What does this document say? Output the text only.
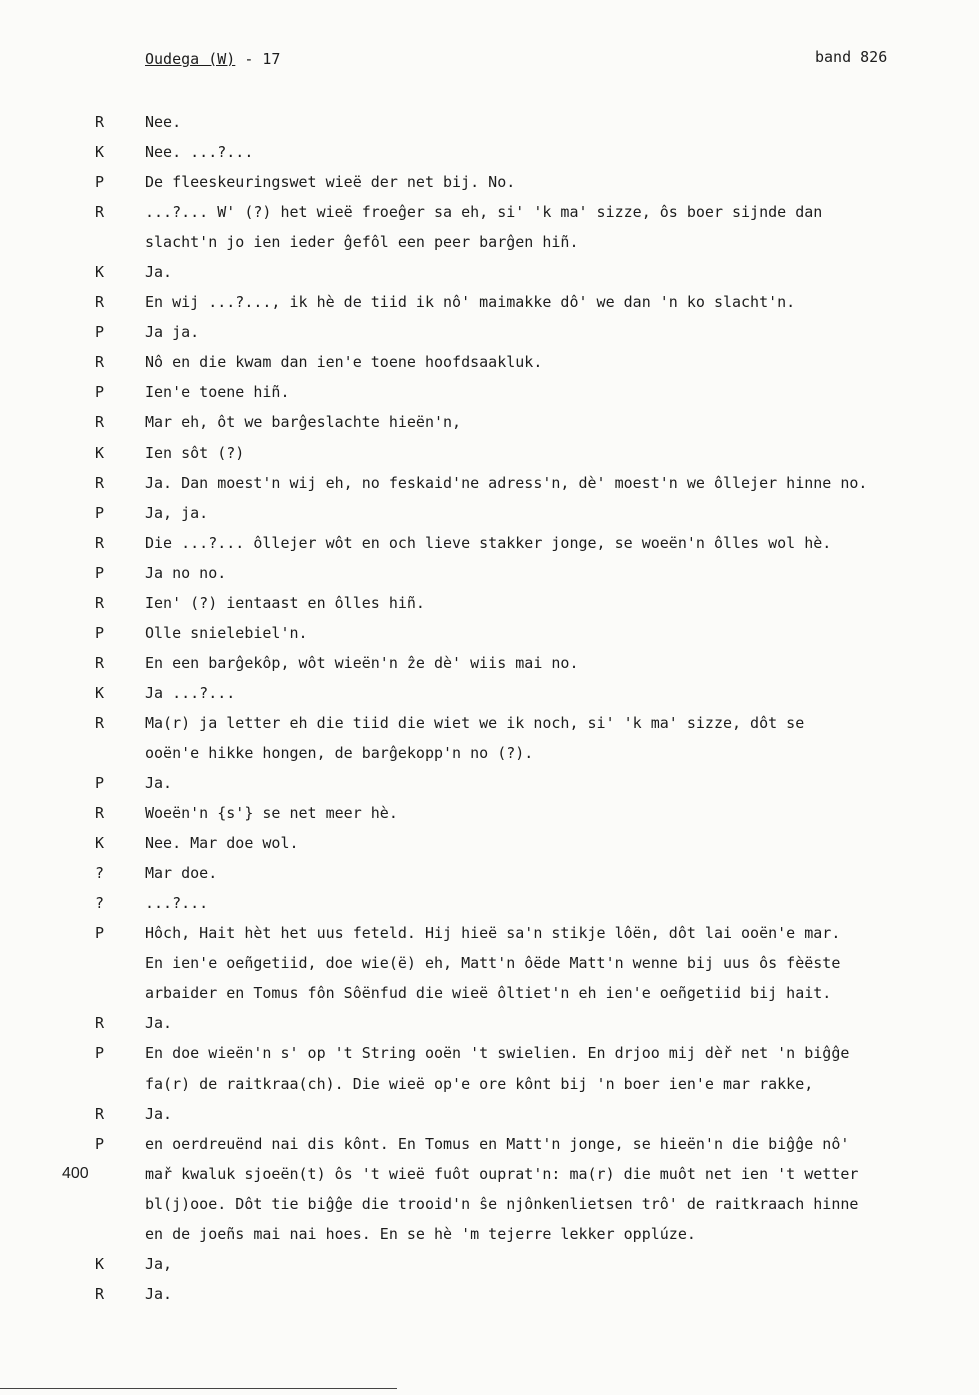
Oudega (W) - 17	band 826
R	Nee.
K	Nee. ...?...
P	De fleeskeuringswet wieë der net bij. No.
R	...?... W' (?) het wieë froeĝer sa eh, si' 'k ma' sizze, ôs boer sijnde dan
slacht'n jo ien ieder ĝefôl een peer barĝen hiñ.
K	Ja.
R	En wij ...?..., ik hè de tiid ik nô' maimakke dô' we dan 'n ko slacht'n.
P	Ja ja.
R	Nô en die kwam dan ien'e toene hoofdsaakluk.
P	Ien'e toene hiñ.
R	Mar eh, ôt we barĝeslachte hieën'n,
K	Ien sôt (?)
R	Ja. Dan moest'n wij eh, no feskaid'ne adress'n, dè' moest'n we ôllejer hinne no.
P	Ja, ja.
R	Die ...?... ôllejer wôt en och lieve stakker jonge, se woeën'n ôlles wol hè.
P	Ja no no.
R	Ien' (?) ientaast en ôlles hiñ.
P	Olle snielebiel'n.
R	En een barĝekôp, wôt wieën'n ẑe dè' wiis mai no.
K	Ja ...?...
R	Ma(r) ja letter eh die tiid die wiet we ik noch, si' 'k ma' sizze, dôt se
ooën'e hikke hongen, de barĝekopp'n no (?).
P	Ja.
R	Woeën'n {s'} se net meer hè.
K	Nee. Mar doe wol.
?	Mar doe.
?	...?...
P	Hôch, Hait hèt het uus feteld. Hij hieë sa'n stikje lôën, dôt lai ooën'e mar.
En ien'e oeñgetiid, doe wie(ë) eh, Matt'n ôëde Matt'n wenne bij uus ôs fèëste
arbaider en Tomus fôn Sôënfud die wieë ôltiet'n eh ien'e oeñgetiid bij hait.
R	Ja.
P	En doe wieën'n s' op 't String ooën 't swielien. En drjoo mij dèř net 'n biĝĝe
fa(r) de raitkraa(ch). Die wieë op'e ore kônt bij 'n boer ien'e mar rakke,
R	Ja.
P	en oerdreuënd nai dis kônt. En Tomus en Matt'n jonge, se hieën'n die biĝĝe nô'
400	mař kwaluk sjoeën(t) ôs 't wieë fuôt ouprat'n: ma(r) die muôt net ien 't wetter
bl(j)ooe. Dôt tie biĝĝe die trooid'n ŝe njônkenlietsen trô' de raitkraach hinne
en de joeñs mai nai hoes. En se hè 'm tejerre lekker opplúze.
K	Ja,
R	Ja.
